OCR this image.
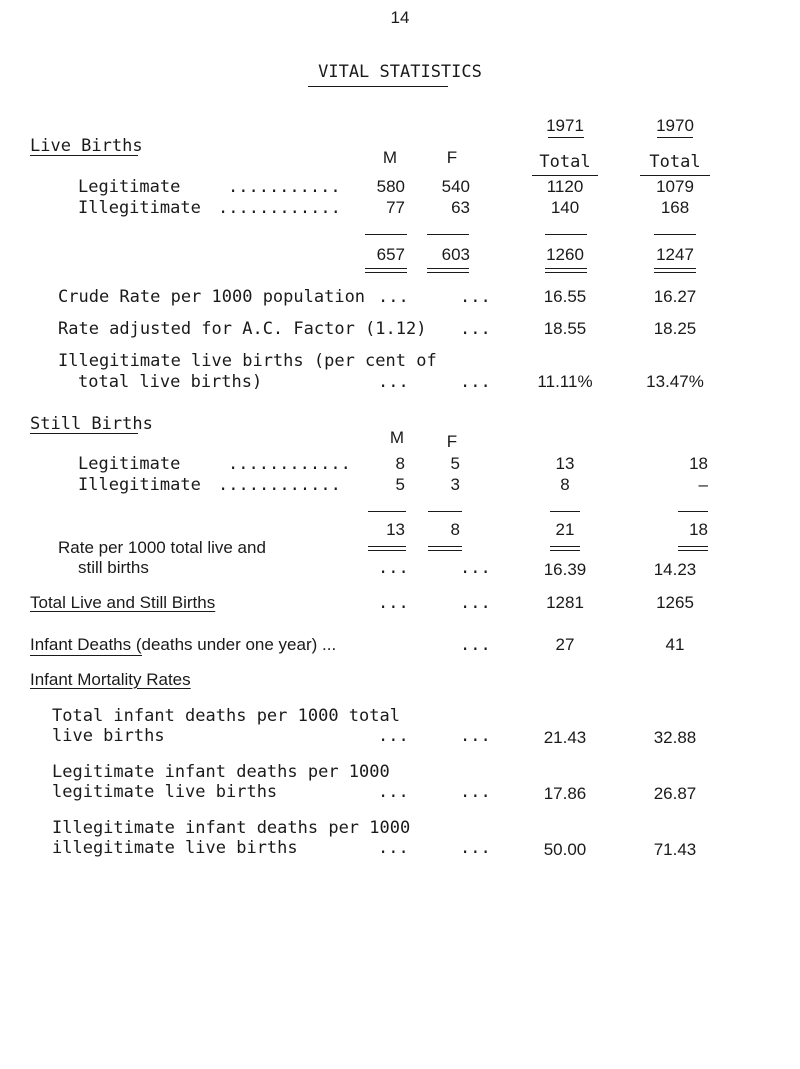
14
VITAL STATISTICS
1971	1970
Live Births
M	F	Total	Total
Legitimate	...........	580	540	1120	1079
Illegitimate ............	77	63	140	168
657	603	1260	1247
Crude Rate per 1000 population ...	...	16.55	16.27
Rate adjusted for A.C. Factor (1.12) ...	18.55	18.25
Illegitimate live births (per cent of
total live births)	...	...	11.11%	13.47%
Still Births
M	F
Legitimate	............	8	5	13	18
Illegitimate ............	5	3	8	–
13	8	21	18
Rate per 1000 total live and
still births	...	...	16.39	14.23
Total Live and Still Births	...	...	1281	1265
Infant Deaths (deaths under one year) ...	...	27	41
Infant Mortality Rates
Total infant deaths per 1000 total
live births	...	...	21.43	32.88
Legitimate infant deaths per 1000
legitimate live births	...	...	17.86	26.87
Illegitimate infant deaths per 1000
illegitimate live births	...	...	50.00	71.43
